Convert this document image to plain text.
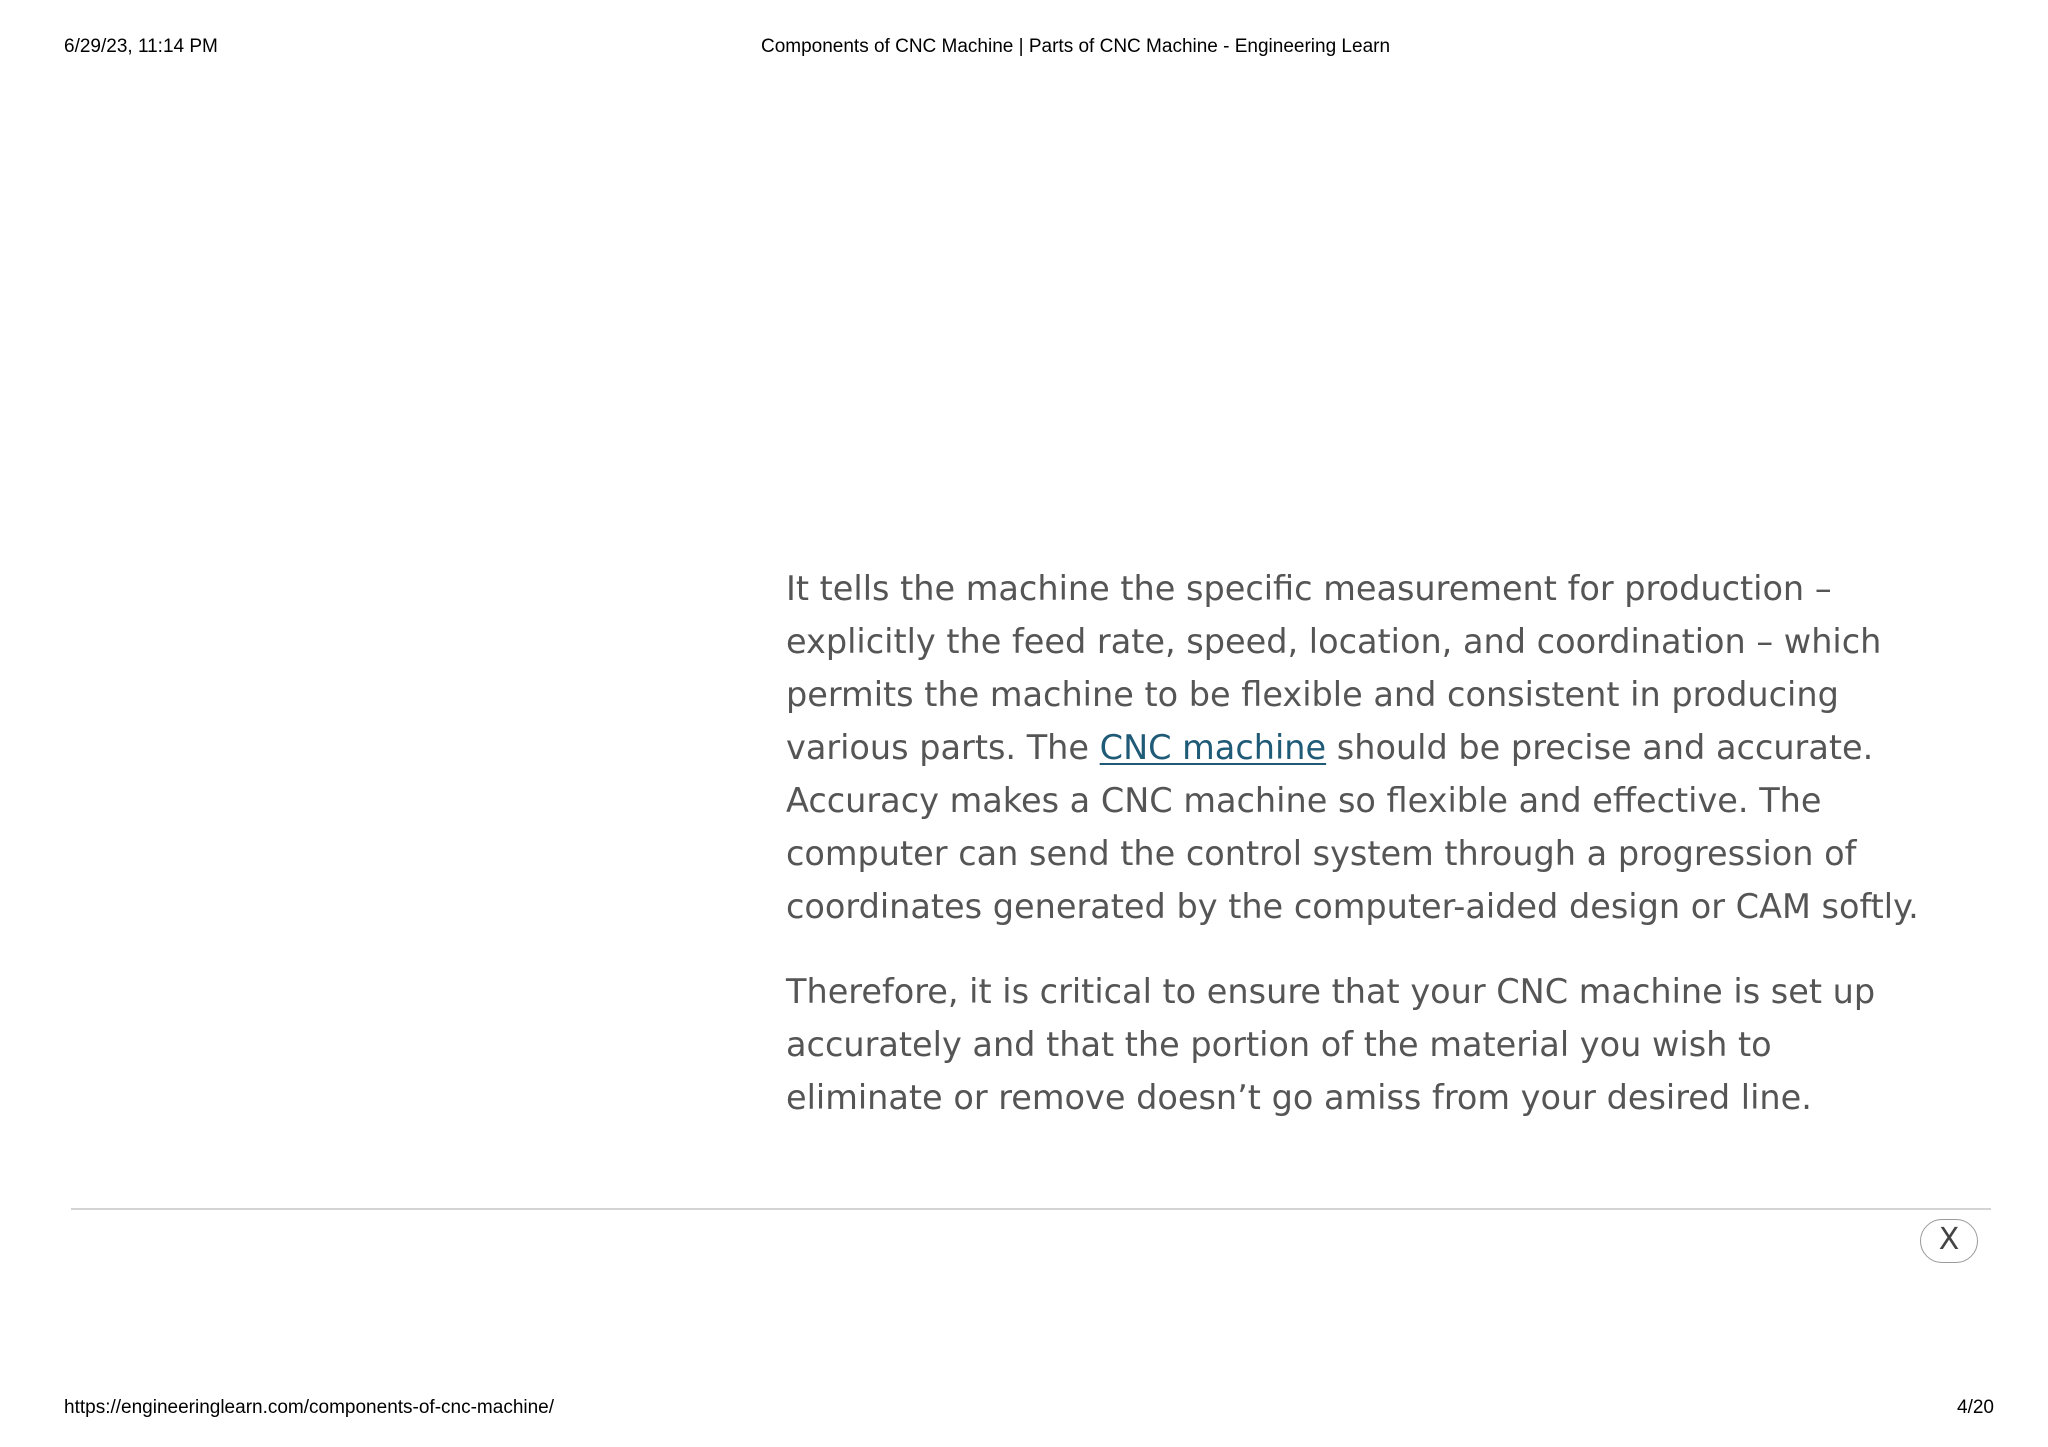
6/29/23, 11:14 PM	Components of CNC Machine | Parts of CNC Machine - Engineering Learn

It tells the machine the specific measurement for production – explicitly the feed rate, speed, location, and coordination – which permits the machine to be flexible and consistent in producing various parts. The CNC machine should be precise and accurate. Accuracy makes a CNC machine so flexible and effective. The computer can send the control system through a progression of coordinates generated by the computer-aided design or CAM softly.

Therefore, it is critical to ensure that your CNC machine is set up accurately and that the portion of the material you wish to eliminate or remove doesn’t go amiss from your desired line.

X
https://engineeringlearn.com/components-of-cnc-machine/	4/20
